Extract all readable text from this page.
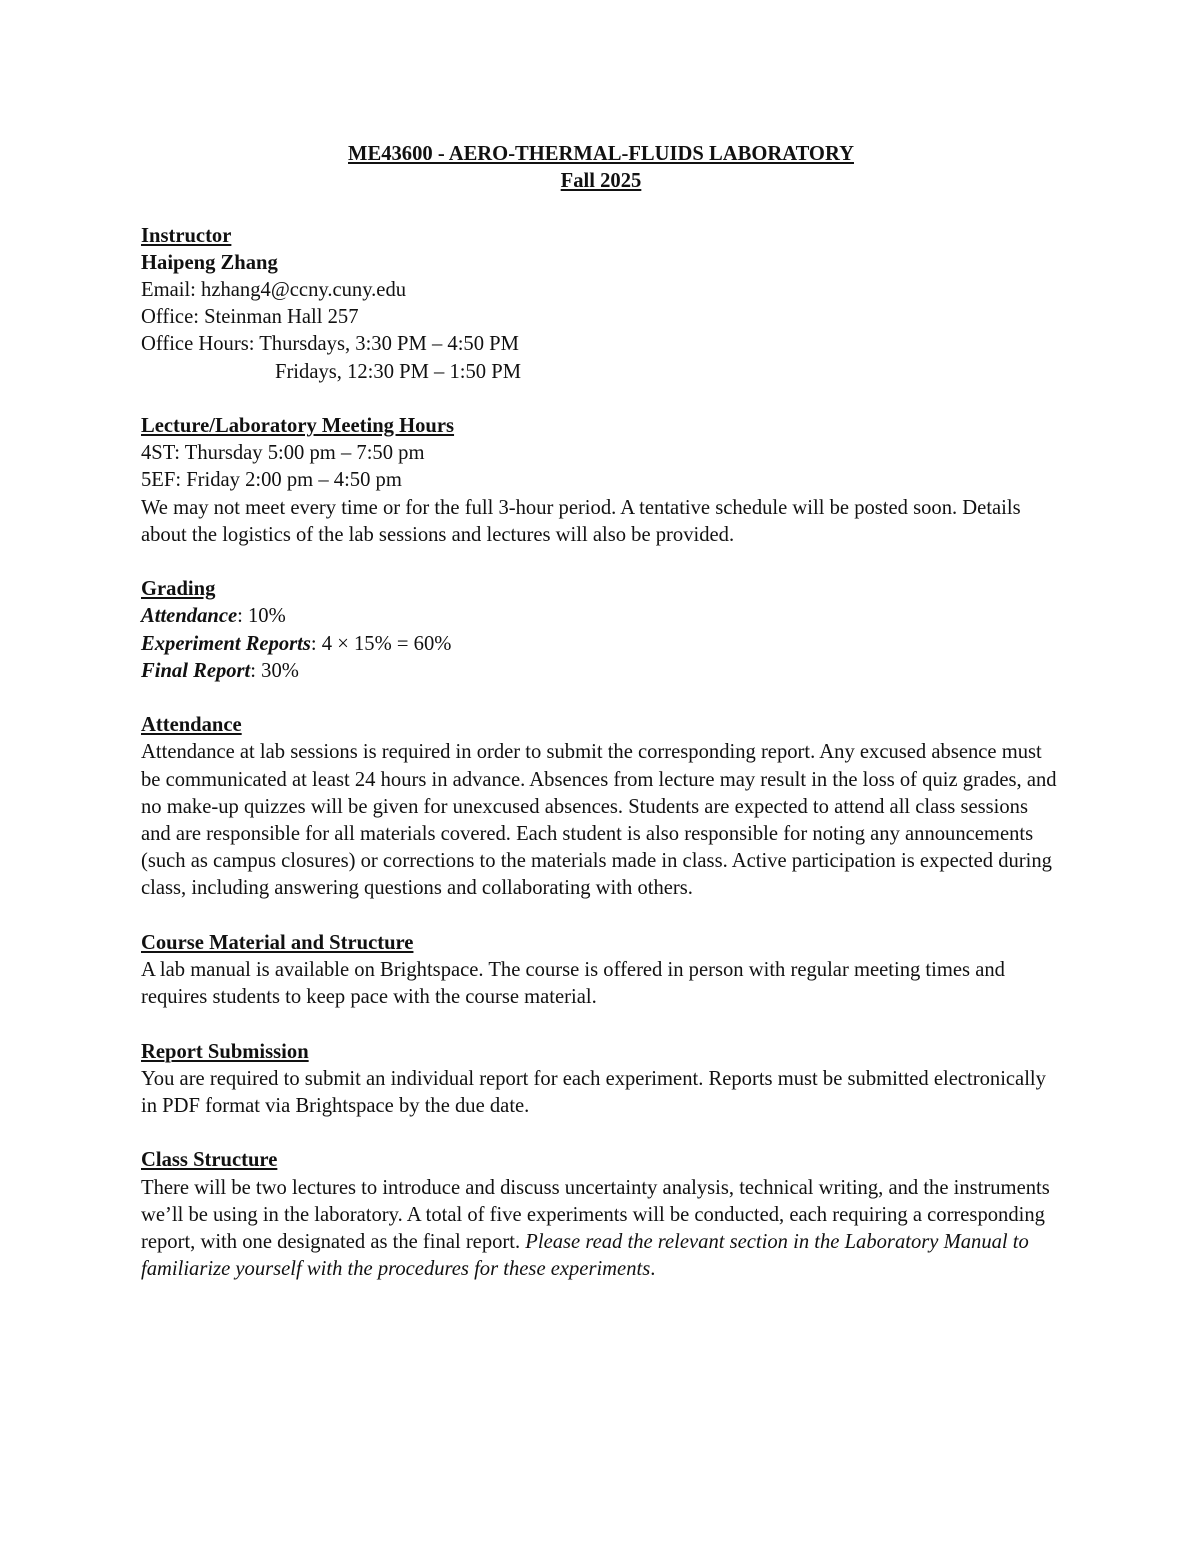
ME43600 - AERO-THERMAL-FLUIDS LABORATORY

Fall 2025

Instructor

Haipeng Zhang

Email: hzhang4@ccny.cuny.edu

Office: Steinman Hall 257

Office Hours: Thursdays, 3:30 PM – 4:50 PM

Fridays, 12:30 PM – 1:50 PM

Lecture/Laboratory Meeting Hours

4ST: Thursday 5:00 pm – 7:50 pm

5EF: Friday 2:00 pm – 4:50 pm

We may not meet every time or for the full 3-hour period. A tentative schedule will be posted soon. Details about the logistics of the lab sessions and lectures will also be provided.

Grading

Attendance: 10%

Experiment Reports: 4 × 15% = 60%

Final Report: 30%

Attendance

Attendance at lab sessions is required in order to submit the corresponding report. Any excused absence must be communicated at least 24 hours in advance. Absences from lecture may result in the loss of quiz grades, and no make-up quizzes will be given for unexcused absences. Students are expected to attend all class sessions and are responsible for all materials covered. Each student is also responsible for noting any announcements (such as campus closures) or corrections to the materials made in class. Active participation is expected during class, including answering questions and collaborating with others.

Course Material and Structure

A lab manual is available on Brightspace. The course is offered in person with regular meeting times and requires students to keep pace with the course material.

Report Submission

You are required to submit an individual report for each experiment. Reports must be submitted electronically in PDF format via Brightspace by the due date.

Class Structure

There will be two lectures to introduce and discuss uncertainty analysis, technical writing, and the instruments we’ll be using in the laboratory. A total of five experiments will be conducted, each requiring a corresponding report, with one designated as the final report. Please read the relevant section in the Laboratory Manual to familiarize yourself with the procedures for these experiments.
